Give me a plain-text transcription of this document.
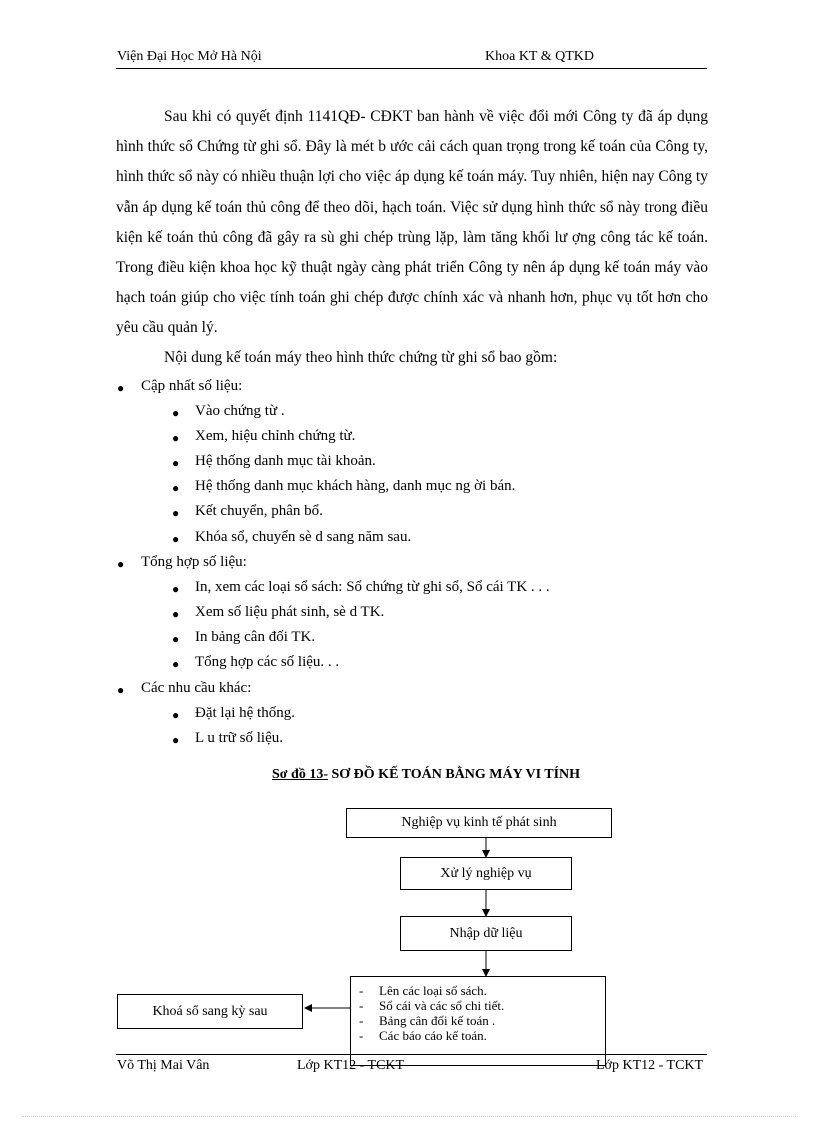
Viện Đại Học Mở Hà Nội	Khoa KT & QTKD
Sau khi có quyết định 1141QĐ- CĐKT ban hành về việc đổi mới Công ty đã áp dụng hình thức sổ Chứng từ ghi sổ. Đây là mét b ước cải cách quan trọng trong kế toán của Công ty, hình thức sổ này có nhiều thuận lợi cho việc áp dụng kế toán máy. Tuy nhiên, hiện nay Công ty vẫn áp dụng kế toán thủ công để theo dõi, hạch toán. Việc sử dụng hình thức sổ này trong điều kiện kế toán thủ công đã gây ra sù ghi chép trùng lặp, làm tăng khối lư ợng công tác kế toán. Trong điều kiện khoa học kỹ thuật ngày càng phát triển Công ty nên áp dụng kế toán máy vào hạch toán giúp cho việc tính toán ghi chép được chính xác và nhanh hơn, phục vụ tốt hơn cho yêu cầu quản lý.
Nội dung kế toán máy theo hình thức chứng từ ghi sổ bao gồm:
● Cập nhất số liệu:
● Vào chứng từ .
● Xem, hiệu chỉnh chứng từ.
● Hệ thống danh mục tài khoản.
● Hệ thống danh mục khách hàng, danh mục ng ời bán.
● Kết chuyển, phân bổ.
● Khóa sổ, chuyển sè d sang năm sau.
● Tổng hợp số liệu:
● In, xem các loại sổ sách: Sổ chứng từ ghi sổ, Sổ cái TK . . .
● Xem số liệu phát sinh, sè d TK.
● In bảng cân đối TK.
● Tổng hợp các số liệu. . .
● Các nhu cầu khác:
● Đặt lại hệ thống.
● L u trữ số liệu.
Sơ đồ 13- SƠ ĐỒ KẾ TOÁN BẰNG MÁY VI TÍNH
Nghiệp vụ kinh tế phát sinh
Xử lý nghiệp vụ
Nhập dữ liệu
- Lên các loại sổ sách.
- Sổ cái và các sổ chi tiết.
- Bảng cân đối kế toán .
- Các báo cáo kế toán.
Khoá sổ sang kỳ sau
Võ Thị Mai Vân	Lớp KT12 - TCKT	Lớp KT12 - TCKT
